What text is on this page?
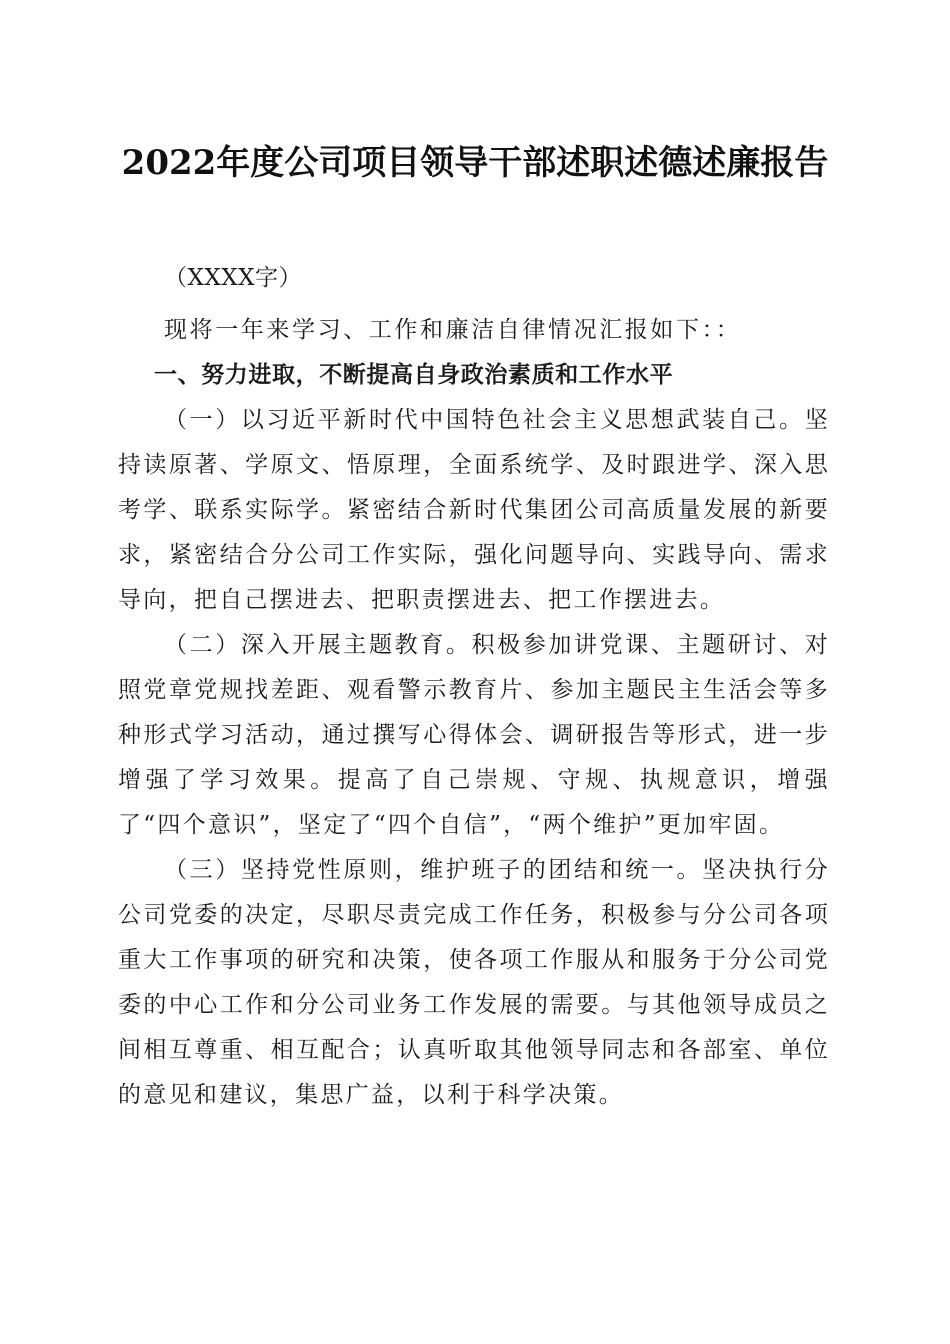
2022年度公司项目领导干部述职述德述廉报告

（XXXX字）

现将一年来学习、工作和廉洁自律情况汇报如下：：

一、努力进取，不断提高自身政治素质和工作水平

（一）以习近平新时代中国特色社会主义思想武装自己。坚持读原著、学原文、悟原理，全面系统学、及时跟进学、深入思考学、联系实际学。紧密结合新时代集团公司高质量发展的新要求，紧密结合分公司工作实际，强化问题导向、实践导向、需求导向，把自己摆进去、把职责摆进去、把工作摆进去。

（二）深入开展主题教育。积极参加讲党课、主题研讨、对照党章党规找差距、观看警示教育片、参加主题民主生活会等多种形式学习活动，通过撰写心得体会、调研报告等形式，进一步增强了学习效果。提高了自己崇规、守规、执规意识，增强了“四个意识”，坚定了“四个自信”，“两个维护”更加牢固。

（三）坚持党性原则，维护班子的团结和统一。坚决执行分公司党委的决定，尽职尽责完成工作任务，积极参与分公司各项重大工作事项的研究和决策，使各项工作服从和服务于分公司党委的中心工作和分公司业务工作发展的需要。与其他领导成员之间相互尊重、相互配合；认真听取其他领导同志和各部室、单位的意见和建议，集思广益，以利于科学决策。
